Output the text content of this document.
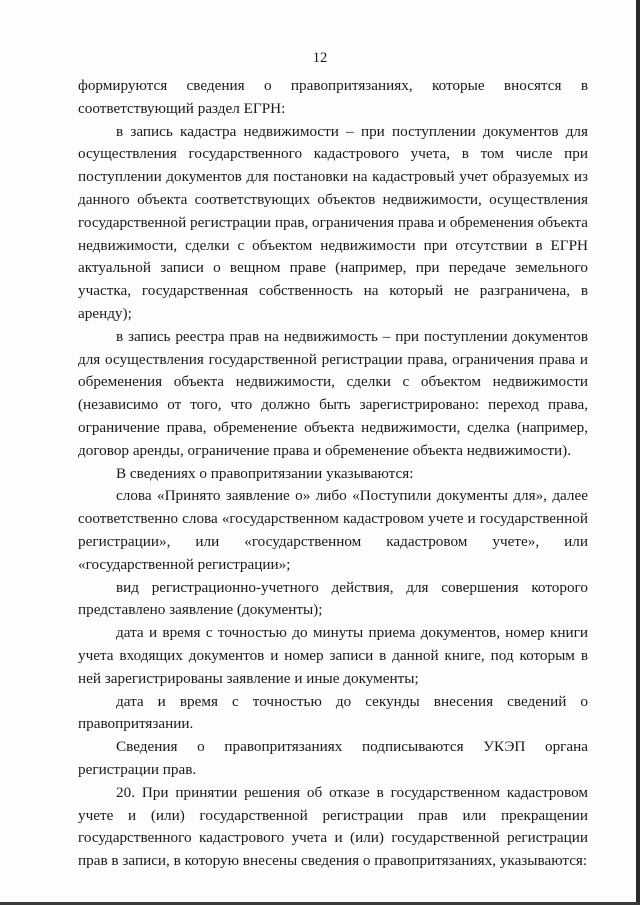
12

формируются сведения о правопритязаниях, которые вносятся в соответствующий раздел ЕГРН:

в запись кадастра недвижимости – при поступлении документов для осуществления государственного кадастрового учета, в том числе при поступлении документов для постановки на кадастровый учет образуемых из данного объекта соответствующих объектов недвижимости, осуществления государственной регистрации прав, ограничения права и обременения объекта недвижимости, сделки с объектом недвижимости при отсутствии в ЕГРН актуальной записи о вещном праве (например, при передаче земельного участка, государственная собственность на который не разграничена, в аренду);

в запись реестра прав на недвижимость – при поступлении документов для осуществления государственной регистрации права, ограничения права и обременения объекта недвижимости, сделки с объектом недвижимости (независимо от того, что должно быть зарегистрировано: переход права, ограничение права, обременение объекта недвижимости, сделка (например, договор аренды, ограничение права и обременение объекта недвижимости).

В сведениях о правопритязании указываются:

слова «Принято заявление о» либо «Поступили документы для», далее соответственно слова «государственном кадастровом учете и государственной регистрации», или «государственном кадастровом учете», или «государственной регистрации»;

вид регистрационно-учетного действия, для совершения которого представлено заявление (документы);

дата и время с точностью до минуты приема документов, номер книги учета входящих документов и номер записи в данной книге, под которым в ней зарегистрированы заявление и иные документы;

дата и время с точностью до секунды внесения сведений о правопритязании.

Сведения о правопритязаниях подписываются УКЭП органа регистрации прав.

20. При принятии решения об отказе в государственном кадастровом учете и (или) государственной регистрации прав или прекращении государственного кадастрового учета и (или) государственной регистрации прав в записи, в которую внесены сведения о правопритязаниях, указываются:
